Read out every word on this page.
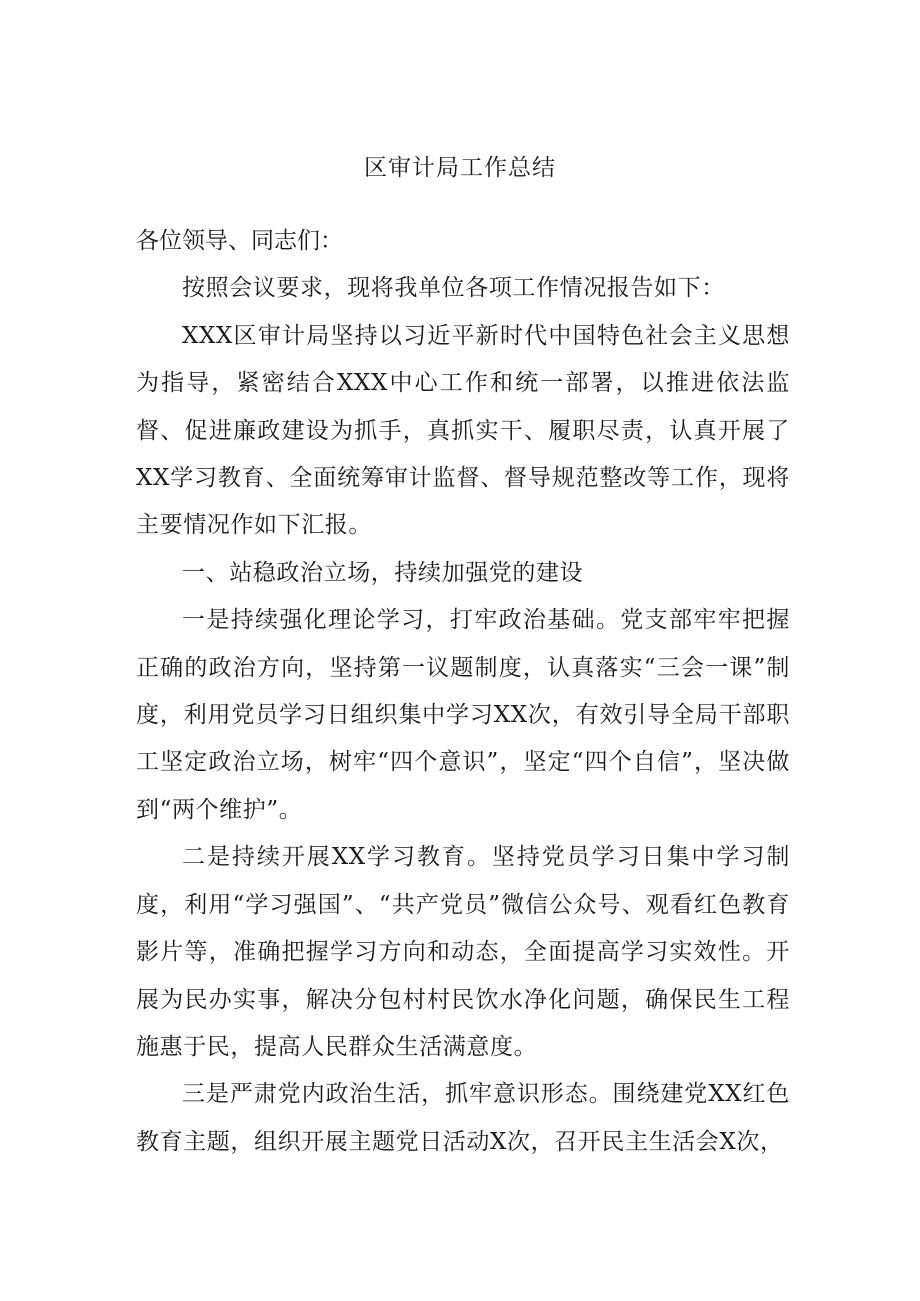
区审计局工作总结

各位领导、同志们：

按照会议要求，现将我单位各项工作情况报告如下：

XXX区审计局坚持以习近平新时代中国特色社会主义思想为指导，紧密结合XXX中心工作和统一部署，以推进依法监督、促进廉政建设为抓手，真抓实干、履职尽责，认真开展了XX学习教育、全面统筹审计监督、督导规范整改等工作，现将主要情况作如下汇报。

一、站稳政治立场，持续加强党的建设

一是持续强化理论学习，打牢政治基础。党支部牢牢把握正确的政治方向，坚持第一议题制度，认真落实“三会一课”制度，利用党员学习日组织集中学习XX次，有效引导全局干部职工坚定政治立场，树牢“四个意识”，坚定“四个自信”，坚决做到“两个维护”。

二是持续开展XX学习教育。坚持党员学习日集中学习制度，利用“学习强国”、“共产党员”微信公众号、观看红色教育影片等，准确把握学习方向和动态，全面提高学习实效性。开展为民办实事，解决分包村村民饮水净化问题，确保民生工程施惠于民，提高人民群众生活满意度。

三是严肃党内政治生活，抓牢意识形态。围绕建党XX红色教育主题，组织开展主题党日活动X次，召开民主生活会X次，
